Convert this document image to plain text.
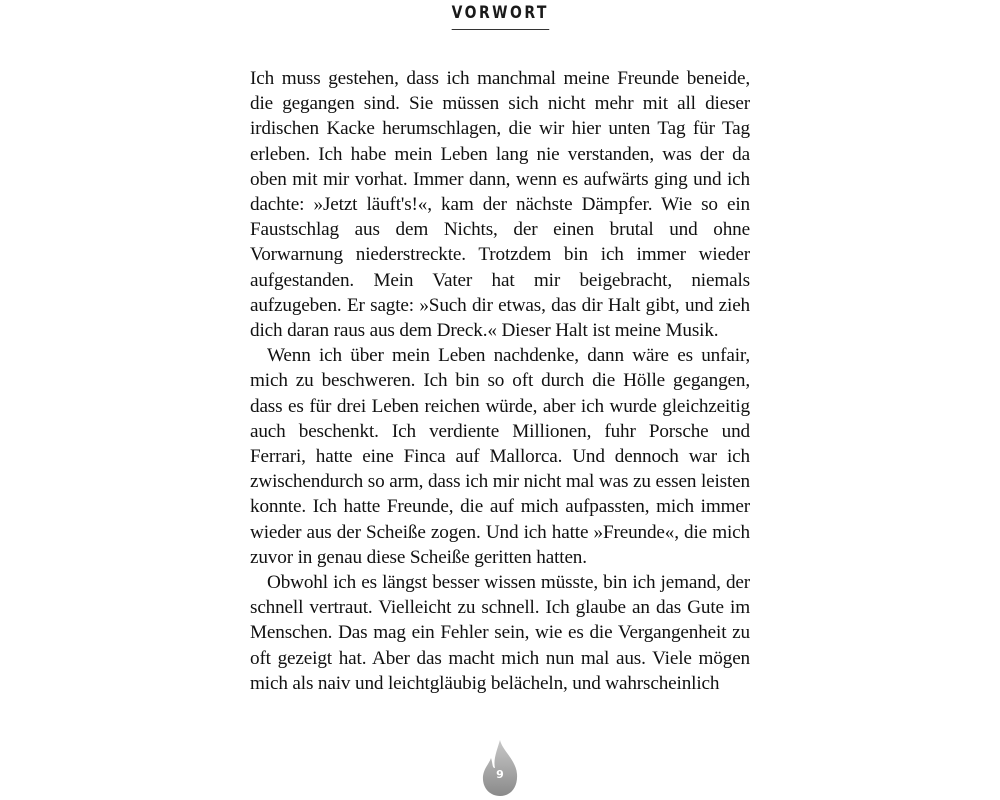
VORWORT

Ich muss gestehen, dass ich manchmal meine Freunde beneide, die gegangen sind. Sie müssen sich nicht mehr mit all dieser irdischen Kacke herumschlagen, die wir hier unten Tag für Tag erleben. Ich habe mein Leben lang nie verstanden, was der da oben mit mir vorhat. Immer dann, wenn es aufwärts ging und ich dachte: »Jetzt läuft's!«, kam der nächste Dämpfer. Wie so ein Faustschlag aus dem Nichts, der einen brutal und ohne Vorwarnung niederstreckte. Trotzdem bin ich immer wieder aufgestanden. Mein Vater hat mir beigebracht, niemals aufzugeben. Er sagte: »Such dir etwas, das dir Halt gibt, und zieh dich daran raus aus dem Dreck.« Dieser Halt ist meine Musik.

Wenn ich über mein Leben nachdenke, dann wäre es unfair, mich zu beschweren. Ich bin so oft durch die Hölle gegangen, dass es für drei Leben reichen würde, aber ich wurde gleichzeitig auch beschenkt. Ich verdiente Millionen, fuhr Porsche und Ferrari, hatte eine Finca auf Mallorca. Und dennoch war ich zwischendurch so arm, dass ich mir nicht mal was zu essen leisten konnte. Ich hatte Freunde, die auf mich aufpassten, mich immer wieder aus der Scheiße zogen. Und ich hatte »Freunde«, die mich zuvor in genau diese Scheiße geritten hatten.

Obwohl ich es längst besser wissen müsste, bin ich jemand, der schnell vertraut. Vielleicht zu schnell. Ich glaube an das Gute im Menschen. Das mag ein Fehler sein, wie es die Vergangenheit zu oft gezeigt hat. Aber das macht mich nun mal aus. Viele mögen mich als naiv und leichtgläubig belächeln, und wahrscheinlich

9
